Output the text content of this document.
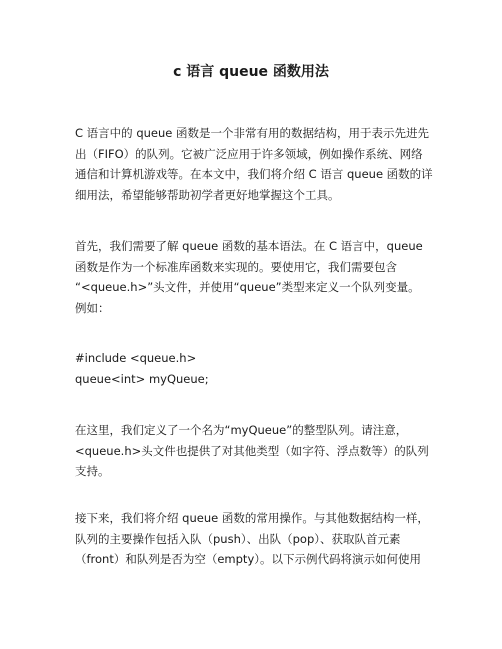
c 语言 queue 函数用法
C 语言中的 queue 函数是一个非常有用的数据结构，用于表示先进先
出（FIFO）的队列。它被广泛应用于许多领域，例如操作系统、网络
通信和计算机游戏等。在本文中，我们将介绍 C 语言 queue 函数的详
细用法，希望能够帮助初学者更好地掌握这个工具。
首先，我们需要了解 queue 函数的基本语法。在 C 语言中，queue
函数是作为一个标准库函数来实现的。要使用它，我们需要包含
“<queue.h>”头文件，并使用“queue”类型来定义一个队列变量。
例如：
#include <queue.h>
queue<int> myQueue;
在这里，我们定义了一个名为“myQueue”的整型队列。请注意，
<queue.h>头文件也提供了对其他类型（如字符、浮点数等）的队列
支持。
接下来，我们将介绍 queue 函数的常用操作。与其他数据结构一样，
队列的主要操作包括入队（push）、出队（pop）、获取队首元素
（front）和队列是否为空（empty）。以下示例代码将演示如何使用
